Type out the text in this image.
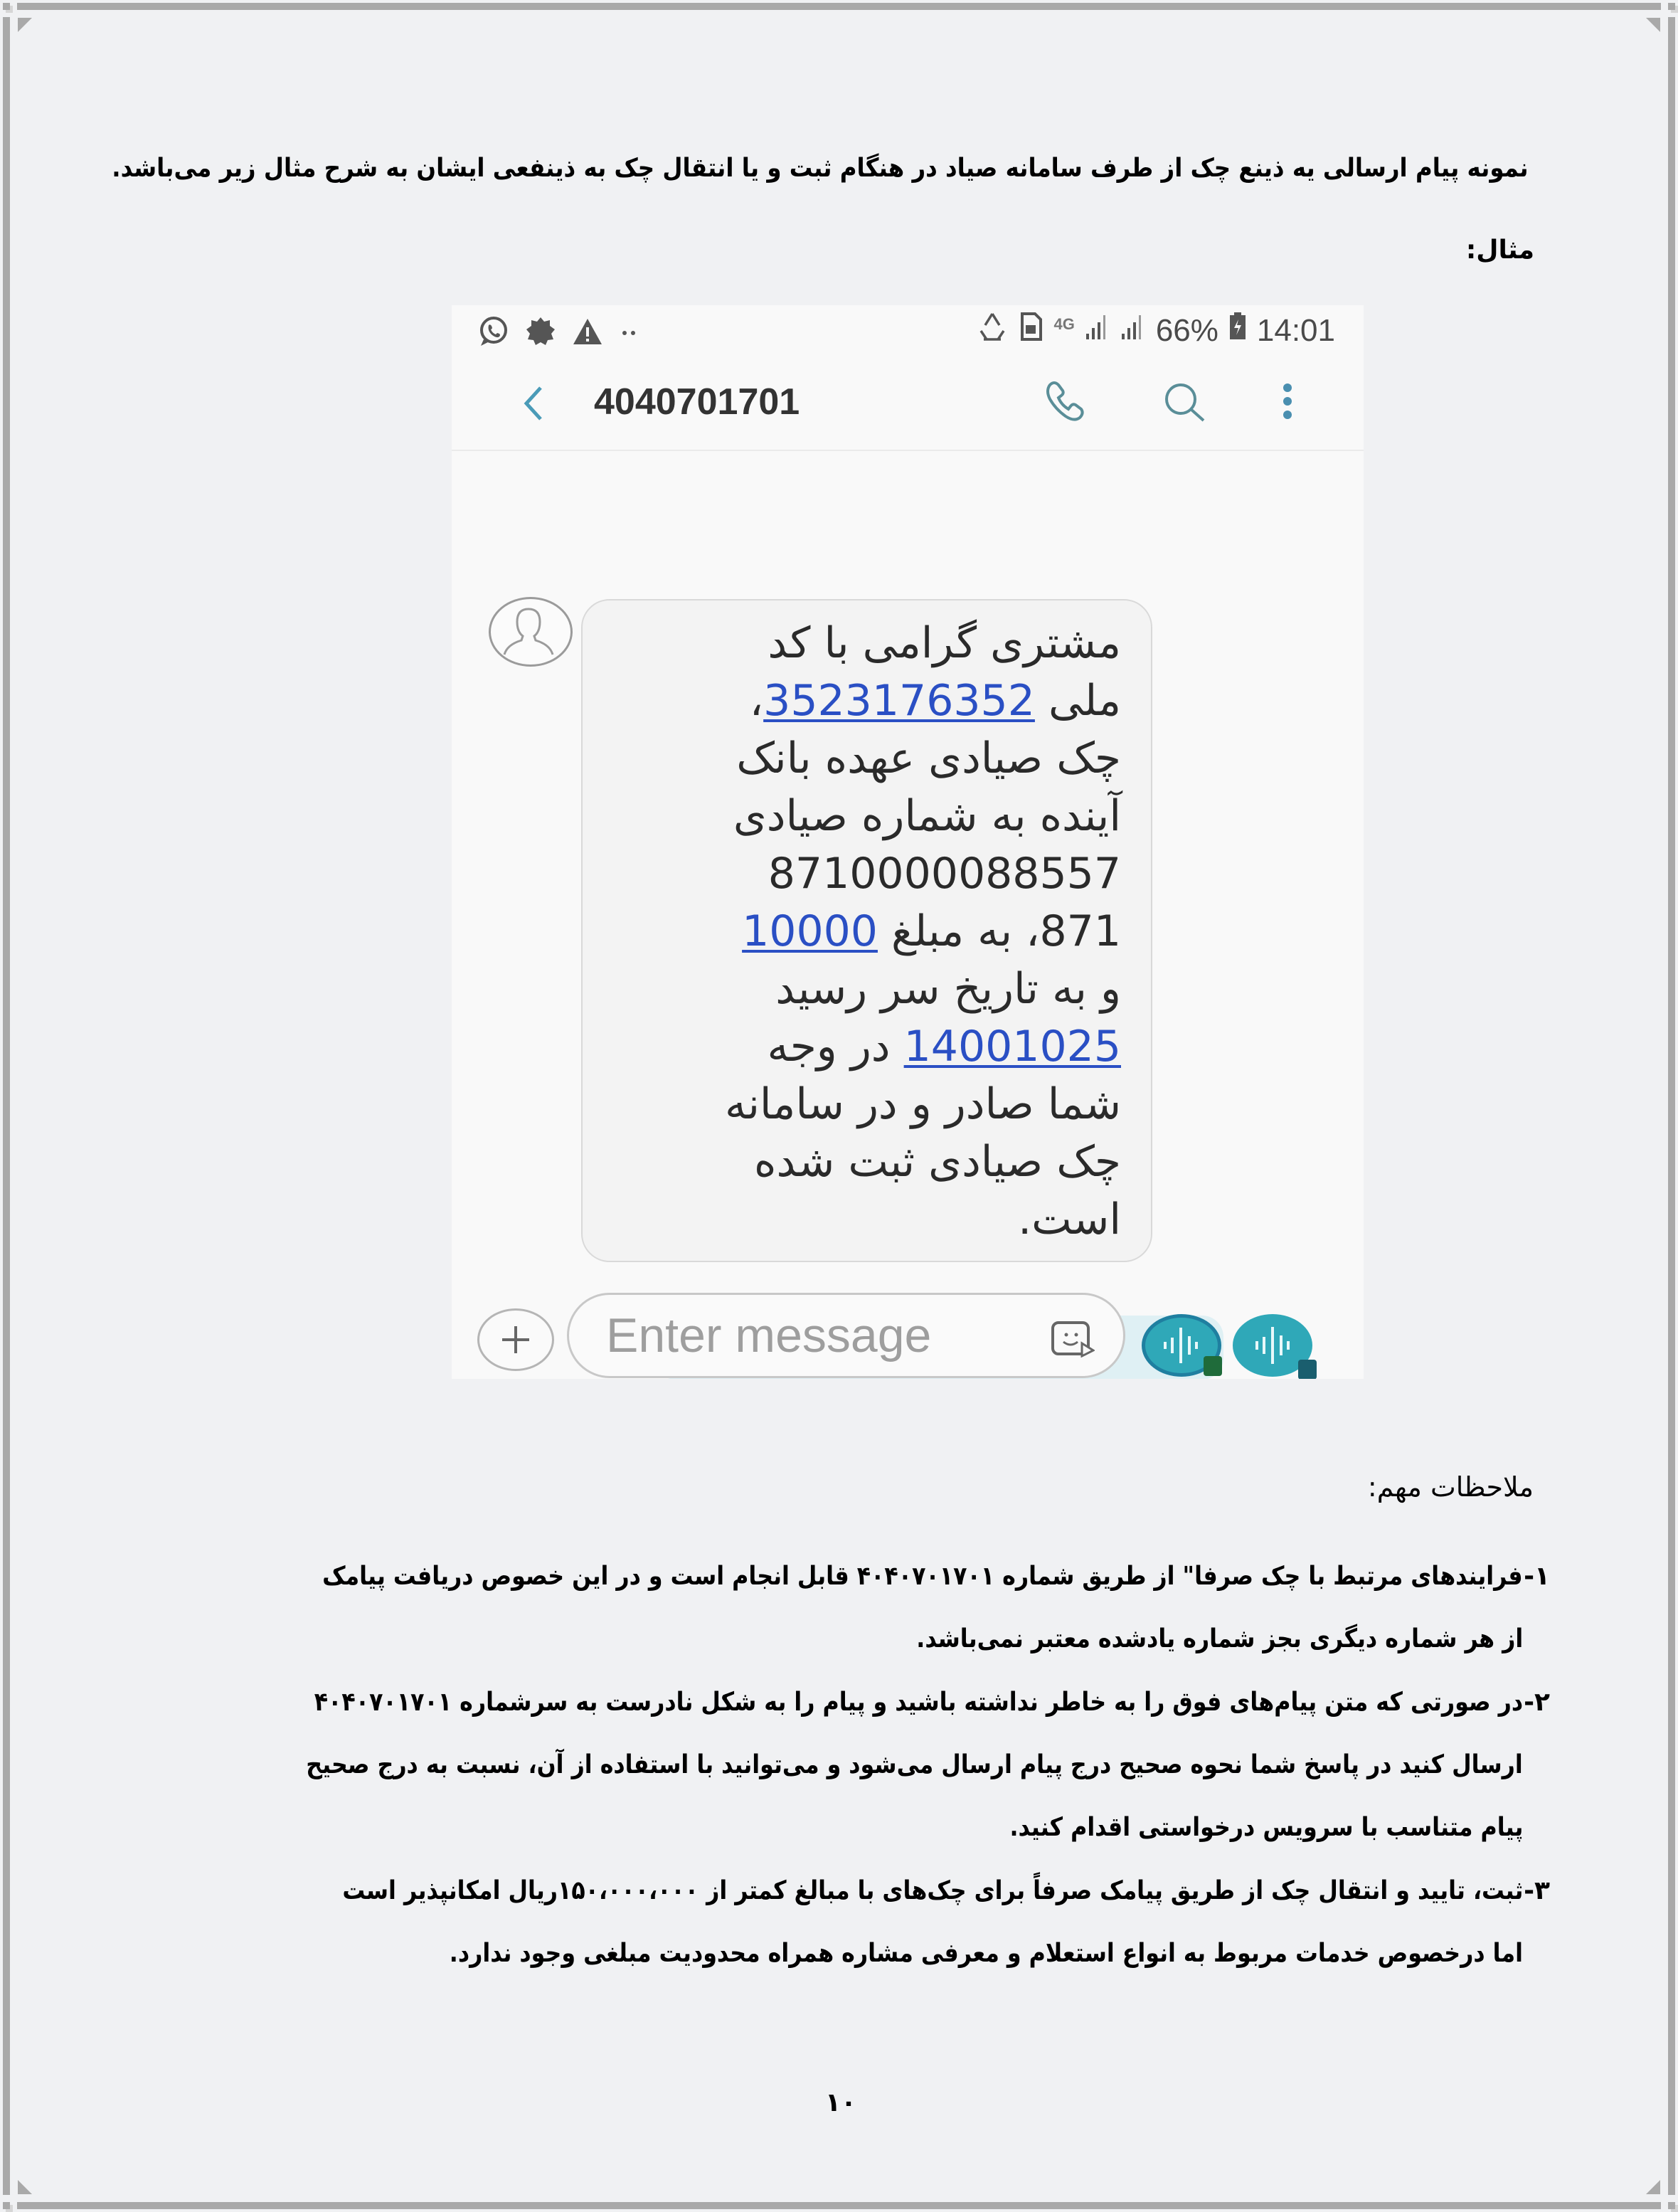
نمونه پیام ارسالی یه ذینع چک از طرف سامانه صیاد در هنگام ثبت و یا انتقال چک به ذینفعی ایشان به شرح مثال زیر می‌باشد.
مثال:
4G	66% 14:01
4040701701
مشتری گرامی با کد
ملی 3523176352،
چک صیادی عهده بانک
آینده به شماره صیادی
8710000088557
871، به مبلغ 10000
و به تاریخ سر رسید
14001025 در وجه
شما صادر و در سامانه
چک صیادی ثبت شده
است.
Enter message
ملاحظات مهم:
۱-
فرایندهای مرتبط با چک صرفا" از طریق شماره ۴۰۴۰۷۰۱۷۰۱ قابل انجام است و در این خصوص دریافت پیامک
از هر شماره دیگری بجز شماره یادشده معتبر نمی‌باشد.
۲-
در صورتی که متن پیام‌های فوق را به خاطر نداشته باشید و پیام را به شکل نادرست به سرشماره ۴۰۴۰۷۰۱۷۰۱
ارسال کنید در پاسخ شما نحوه صحیح درج پیام ارسال می‌شود و می‌توانید با استفاده از آن، نسبت به درج صحیح
پیام متناسب با سرویس درخواستی اقدام کنید.
۳-
ثبت، تایید و انتقال چک از طریق پیامک صرفاً برای چک‌های با مبالغ کمتر از ۱۵۰،۰۰۰،۰۰۰ریال امکانپذیر است
اما درخصوص خدمات مربوط به انواع استعلام و معرفی مشاره همراه محدودیت مبلغی وجود ندارد.
۱۰
